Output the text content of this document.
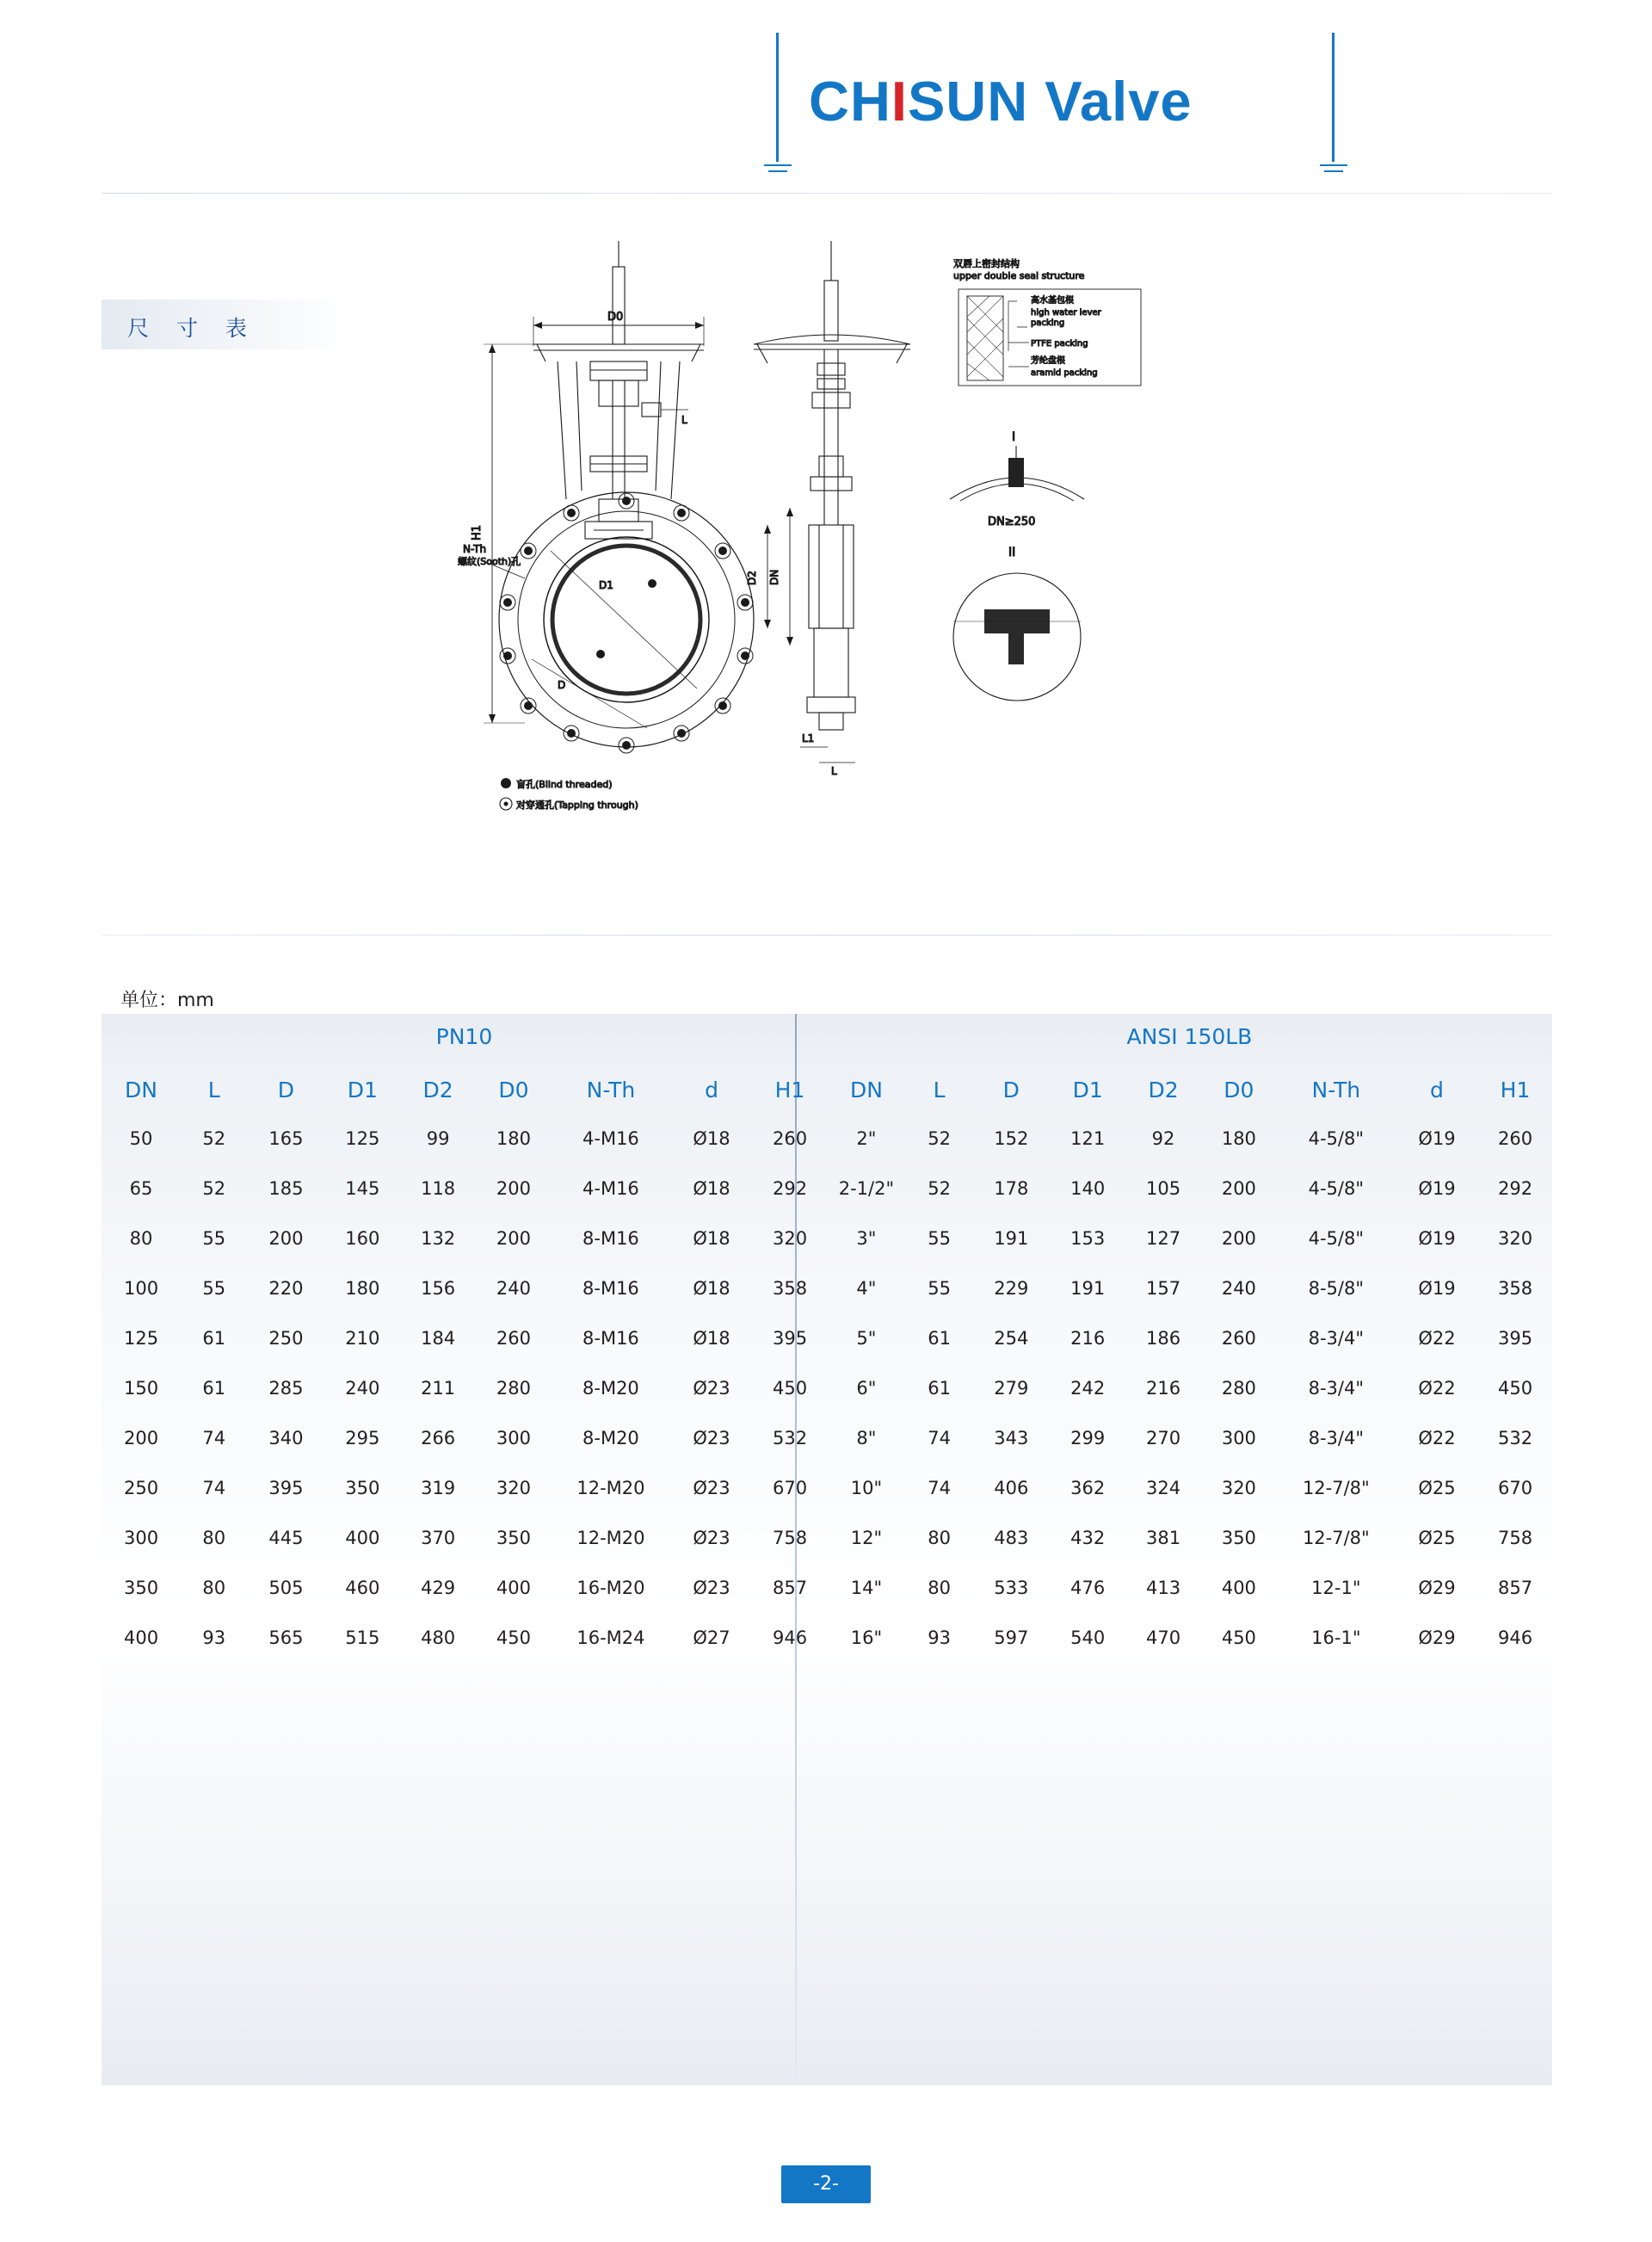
CHISUN Valve
尺 寸 表	D0
H1
D1
D
N-Th
螺纹(Sooth)孔
盲孔(Blind threaded)
对穿通孔(Tapping through)
L
D2 DN
L1
L
双唇上密封结构
upper double seal structure
高水基包根
high water lever
packing
PTFE packing
芳纶盘根
aramid packing
I
DN≥250
II
单位：mm
PN10									ANSI 150LB								
DN	L	D	D1	D2	D0	N-Th	d	H1	DN	L	D	D1	D2	D0	N-Th	d	H1
50	52	165	125	99	180	4-M16	Ø18	260	2"	52	152	121	92	180	4-5/8"	Ø19	260
65	52	185	145	118	200	4-M16	Ø18	292	2-1/2"	52	178	140	105	200	4-5/8"	Ø19	292
80	55	200	160	132	200	8-M16	Ø18	320	3"	55	191	153	127	200	4-5/8"	Ø19	320
100	55	220	180	156	240	8-M16	Ø18	358	4"	55	229	191	157	240	8-5/8"	Ø19	358
125	61	250	210	184	260	8-M16	Ø18	395	5"	61	254	216	186	260	8-3/4"	Ø22	395
150	61	285	240	211	280	8-M20	Ø23	450	6"	61	279	242	216	280	8-3/4"	Ø22	450
200	74	340	295	266	300	8-M20	Ø23	532	8"	74	343	299	270	300	8-3/4"	Ø22	532
250	74	395	350	319	320	12-M20	Ø23	670	10"	74	406	362	324	320	12-7/8"	Ø25	670
300	80	445	400	370	350	12-M20	Ø23	758	12"	80	483	432	381	350	12-7/8"	Ø25	758
350	80	505	460	429	400	16-M20	Ø23	857	14"	80	533	476	413	400	12-1"	Ø29	857
400	93	565	515	480	450	16-M24	Ø27	946	16"	93	597	540	470	450	16-1"	Ø29	946
-2-
